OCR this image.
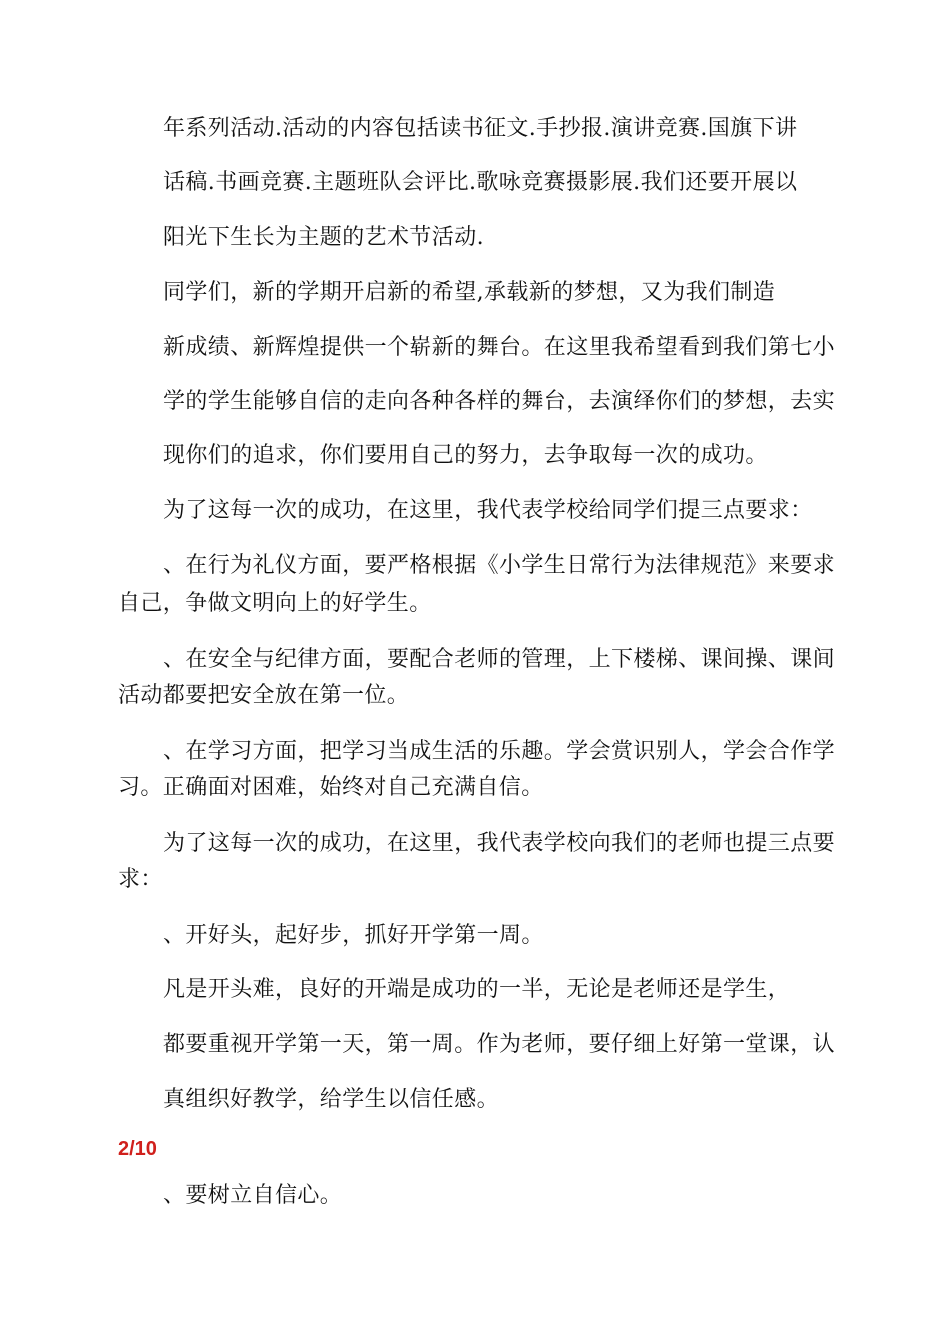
年系列活动.活动的内容包括读书征文.手抄报.演讲竞赛.国旗下讲
话稿.书画竞赛.主题班队会评比.歌咏竞赛摄影展.我们还要开展以
阳光下生长为主题的艺术节活动.
同学们，新的学期开启新的希望,承载新的梦想，又为我们制造
新成绩、新辉煌提供一个崭新的舞台。在这里我希望看到我们第七小
学的学生能够自信的走向各种各样的舞台，去演绎你们的梦想，去实
现你们的追求，你们要用自己的努力，去争取每一次的成功。
为了这每一次的成功，在这里，我代表学校给同学们提三点要求：
、在行为礼仪方面，要严格根据《小学生日常行为法律规范》来要求
自己，争做文明向上的好学生。
、在安全与纪律方面，要配合老师的管理，上下楼梯、课间操、课间
活动都要把安全放在第一位。
、在学习方面，把学习当成生活的乐趣。学会赏识别人，学会合作学
习。正确面对困难，始终对自己充满自信。
为了这每一次的成功，在这里，我代表学校向我们的老师也提三点要
求：
、开好头，起好步，抓好开学第一周。
凡是开头难，良好的开端是成功的一半，无论是老师还是学生，
都要重视开学第一天，第一周。作为老师，要仔细上好第一堂课，认
真组织好教学，给学生以信任感。
2/10
、要树立自信心。
